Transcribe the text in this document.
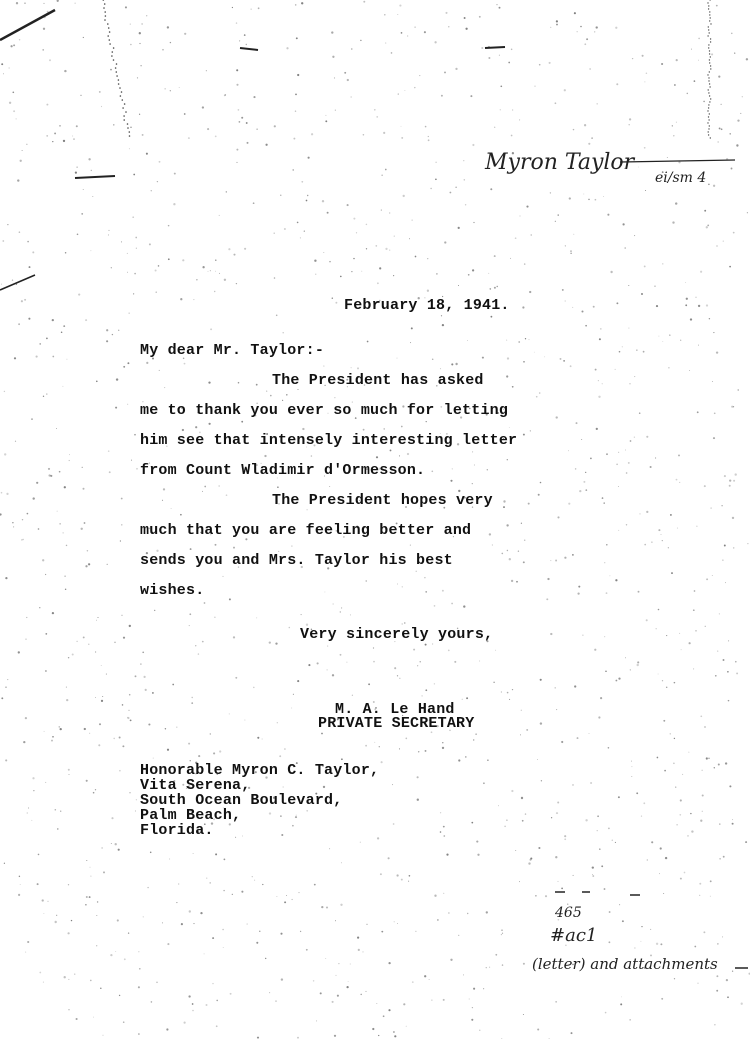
Myron Taylor
ei/sm 4
February 18, 1941.
My dear Mr. Taylor:-
The President has asked
me to thank you ever so much for letting
him see that intensely interesting letter
from Count Wladimir d'Ormesson.
The President hopes very
much that you are feeling better and
sends you and Mrs. Taylor his best
wishes.
Very sincerely yours,
M. A. Le Hand
PRIVATE SECRETARY
Honorable Myron C. Taylor,
Vita Serena,
South Ocean Boulevard,
Palm Beach,
Florida.
465
#ac1
(letter) and attachments
